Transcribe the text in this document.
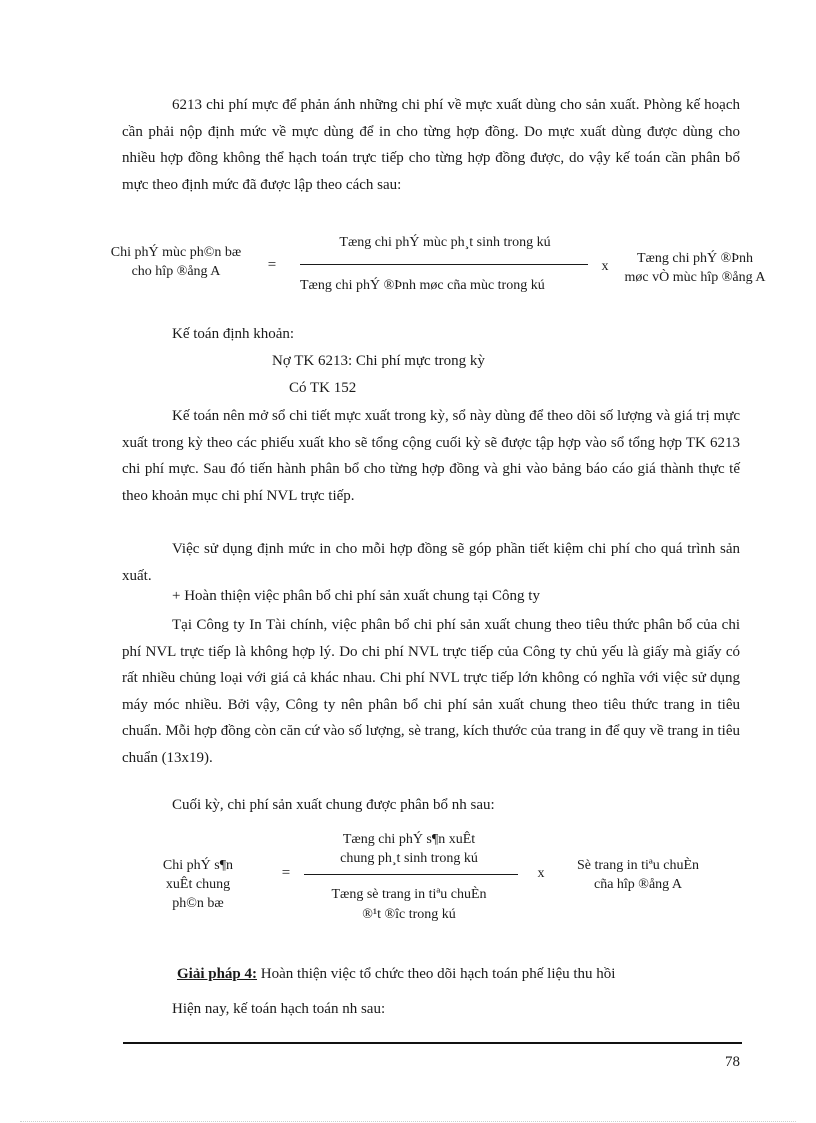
6213 chi phí mực để phản ánh những chi phí về mực xuất dùng cho sản xuất. Phòng kế hoạch cần phải nộp định mức về mực dùng để in cho từng hợp đồng. Do mực xuất dùng được dùng cho nhiều hợp đồng không thể hạch toán trực tiếp cho từng hợp đồng được, do vậy kế toán cần phân bổ mực theo định mức đã được lập theo cách sau:

Chi phÝ mùc ph©n bæ
cho hîp ®ång A	=
Tæng chi phÝ mùc ph¸t sinh trong kú
Tæng chi phÝ ®Þnh møc cña mùc trong kú
x
Tæng chi phÝ ®Þnh
møc vÒ mùc hîp ®ång A

Kế toán định khoản:

Nợ TK 6213: Chi phí mực trong kỳ

Có TK 152

Kế toán nên mở sổ chi tiết mực xuất trong kỳ, sổ này dùng để theo dõi số lượng và giá trị mực xuất trong kỳ theo các phiếu xuất kho sẽ tổng cộng cuối kỳ sẽ được tập hợp vào sổ tổng hợp TK 6213 chi phí mực. Sau đó tiến hành phân bổ cho từng hợp đồng và ghi vào bảng báo cáo giá thành thực tế theo khoản mục chi phí NVL trực tiếp.

Việc sử dụng định mức in cho mỗi hợp đồng sẽ góp phần tiết kiệm chi phí cho quá trình sản xuất.

+ Hoàn thiện việc phân bổ chi phí sản xuất chung tại Công ty

Tại Công ty In Tài chính, việc phân bổ chi phí sản xuất chung theo tiêu thức phân bổ của chi phí NVL trực tiếp là không hợp lý. Do chi phí NVL trực tiếp của Công ty chủ yếu là giấy mà giấy có rất nhiều chủng loại với giá cả khác nhau. Chi phí NVL trực tiếp lớn không có nghĩa với việc sử dụng máy móc nhiều. Bởi vậy, Công ty nên phân bổ chi phí sản xuất chung theo tiêu thức trang in tiêu chuẩn. Mỗi hợp đồng còn căn cứ vào số lượng, sè trang, kích thước của trang in để quy về trang in tiêu chuẩn (13x19).

Cuối kỳ, chi phí sản xuất chung được phân bổ nh sau:

Chi phÝ s¶n
xuÊt chung
ph©n bæ
=
Tæng chi phÝ s¶n xuÊt
chung ph¸t sinh trong kú
Tæng sè trang in tiªu chuÈn
®¹t ®îc trong kú
x
Sè trang in tiªu chuÈn
cña hîp ®ång A

Giải pháp 4: Hoàn thiện việc tổ chức theo dõi hạch toán phế liệu thu hồi

Hiện nay, kế toán hạch toán nh sau:

78
